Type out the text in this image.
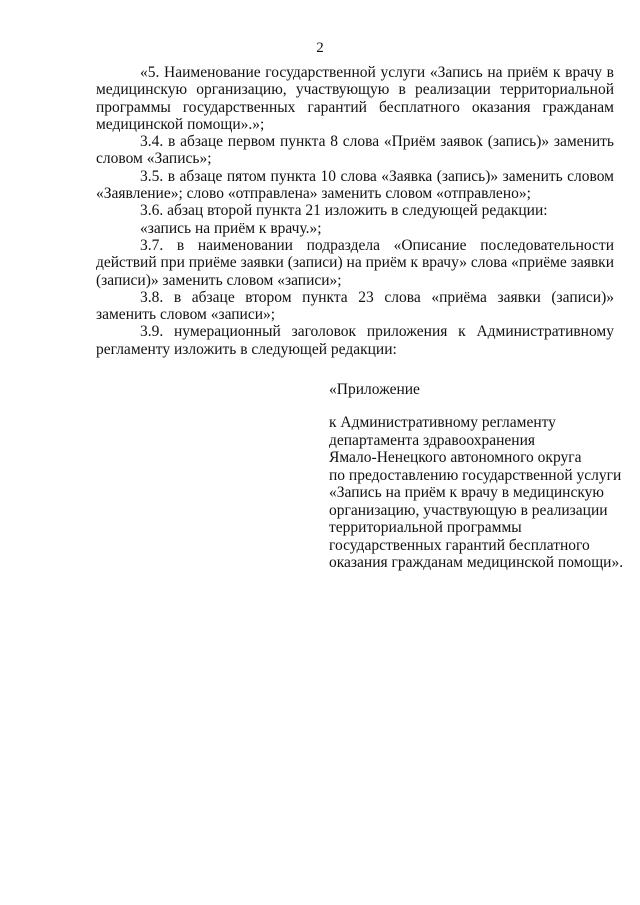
2

«5. Наименование государственной услуги «Запись на приём к врачу в медицинскую организацию, участвующую в реализации территориальной программы государственных гарантий бесплатного оказания гражданам медицинской помощи».»;

3.4. в абзаце первом пункта 8 слова «Приём заявок (запись)» заменить словом «Запись»;

3.5. в абзаце пятом пункта 10 слова «Заявка (запись)» заменить словом «Заявление»; слово «отправлена» заменить словом «отправлено»;

3.6. абзац второй пункта 21 изложить в следующей редакции:

«запись на приём к врачу.»;

3.7. в наименовании подраздела «Описание последовательности действий при приёме заявки (записи) на приём к врачу» слова «приёме заявки (записи)» заменить словом «записи»;

3.8. в абзаце втором пункта 23 слова «приёма заявки (записи)» заменить словом «записи»;

3.9. нумерационный заголовок приложения к Административному регламенту изложить в следующей редакции:

«Приложение
к Административному регламенту
департамента здравоохранения
Ямало-Ненецкого автономного округа
по предоставлению государственной услуги
«Запись на приём к врачу в медицинскую
организацию, участвующую в реализации
территориальной программы
государственных гарантий бесплатного
оказания гражданам медицинской помощи».
